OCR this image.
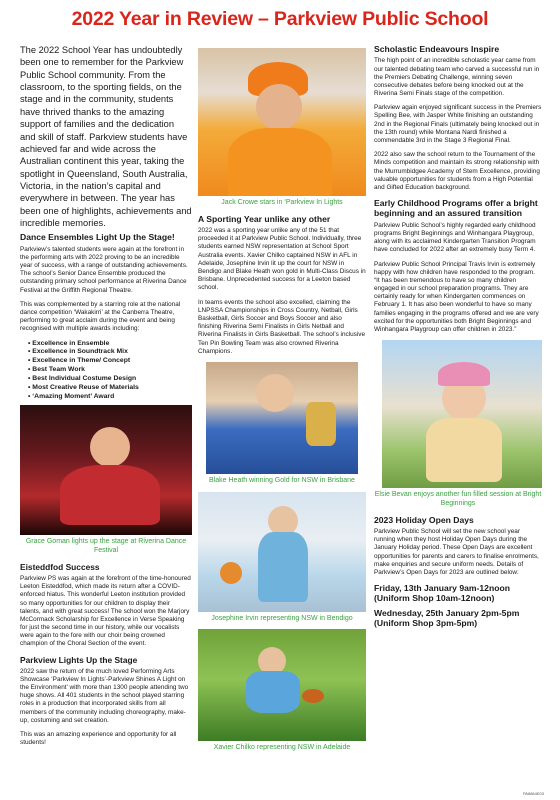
2022 Year in Review – Parkview Public School

The 2022 School Year has undoubtedly been one to remember for the Parkview Public School community. From the classroom, to the sporting fields, on the stage and in the community, students have thrived thanks to the amazing support of families and the dedication and skill of staff. Parkview students have achieved far and wide across the Australian continent this year, taking the spotlight in Queensland, South Australia, Victoria, in the nation’s capital and everywhere in between. The year has been one of highlights, achievements and incredible memories.

Dance Ensembles Light Up the Stage!

Parkview’s talented students were again at the forefront in the performing arts with 2022 proving to be an incredible year of success, with a range of outstanding achievements. The school’s Senior Dance Ensemble produced the outstanding primary school performance at Riverina Dance Festival at the Griffith Regional Theatre.

This was complemented by a starring role at the national dance competition ‘Wakakirri’ at the Canberra Theatre, performing to great acclaim during the event and being recognised with multiple awards including:

• Excellence in Ensemble
• Excellence in Soundtrack Mix
• Excellence in Theme/ Concept
• Best Team Work
• Best Individual Costume Design
• Most Creative Reuse of Materials
• ‘Amazing Moment’ Award
Grace Goman lights up the stage at Riverina Dance Festival
Eisteddfod Success

Parkview PS was again at the forefront of the time-honoured Leeton Eisteddfod, which made its return after a COVID-enforced hiatus. This wonderful Leeton institution provided so many opportunities for our children to display their talents, and with great success! The school won the Marjory McCormack Scholarship for Excellence in Verse Speaking for just the second time in our history, while our vocalists were again to the fore with our choir being crowned champion of the Choral Section of the event.

Parkview Lights Up the Stage

2022 saw the return of the much loved Performing Arts Showcase ‘Parkview In Lights’-Parkview Shines A Light on the Environment’ with more than 1300 people attending two huge shows. All 401 students in the school played starring roles in a production that incorporated skills from all members of the community including choreography, make-up, costuming and set creation.

This was an amazing experience and opportunity for all students!

Jack Crowe stars in ‘Parkview In Lights
A Sporting Year unlike any other

2022 was a sporting year unlike any of the 51 that proceeded it at Parkview Public School. Individually, three students earned NSW representation at School Sport Australia events. Xavier Chilko captained NSW in AFL in Adelaide, Josephine Irvin lit up the court for NSW in Bendigo and Blake Heath won gold in Multi-Class Discus in Brisbane. Unprecedented success for a Leeton based school.

In teams events the school also excelled, claiming the LNPSSA Championships in Cross Country, Netball, Girls Basketball, Girls Soccer and Boys Soccer and also finishing Riverina Semi Finalists in Girls Netball and Riverina Finalists in Girls Basketball. The school’s inclusive Ten Pin Bowling Team was also crowned Riverina Champions.

Blake Heath winning Gold for NSW in Brisbane
Josephine Irvin representing NSW in Bendigo
Xavier Chilko representing NSW in Adelaide
Scholastic Endeavours Inspire

The high point of an incredible scholastic year came from our talented debating team who carved a successful run in the Premiers Debating Challenge, winning seven consecutive debates before being knocked out at the Riverina Semi Finals stage of the competition.

Parkview again enjoyed significant success in the Premiers Spelling Bee, with Jasper White finishing an outstanding 2nd in the Regional Finals (ultimately being knocked out in the 13th round) while Montana Nardi finished a commendable 3rd in the Stage 3 Regional Final.

2022 also saw the school return to the Tournament of the Minds competition and maintain its strong relationship with the Murrumbidgee Academy of Stem Excellence, providing valuable opportunities for students from a High Potential and Gifted Education background.

Early Childhood Programs offer a bright beginning and an assured transition

Parkview Public School’s highly regarded early childhood programs Bright Beginnings and Winhangara Playgroup, along with its acclaimed Kindergarten Transition Program have concluded for 2022 after an extremely busy Term 4.

Parkview Public School Principal Travis Irvin is extremely happy with how children have responded to the program. “It has been tremendous to have so many children engaged in our school preparation programs. They are certainly ready for when Kindergarten commences on February 1. It has also been wonderful to have so many families engaging in the programs offered and we are very excited for the opportunities both Bright Beginnings and Winhangara Playgroup can offer children in 2023.”

Elsie Bevan enjoys another fun filled session at Bright Beginnings
2023 Holiday Open Days

Parkview Public School will set the new school year running when they host Holiday Open Days during the January Holiday period. These Open Days are excellent opportunities for parents and carers to finalise enrolments, make enquiries and secure uniform needs. Details of Parkview’s Open Days for 2023 are outlined below:

Friday, 13th January 9am-12noon (Uniform Shop 10am-12noon)
Wednesday, 25th January 2pm-5pm (Uniform Shop 3pm-5pm)
PA8864E03
